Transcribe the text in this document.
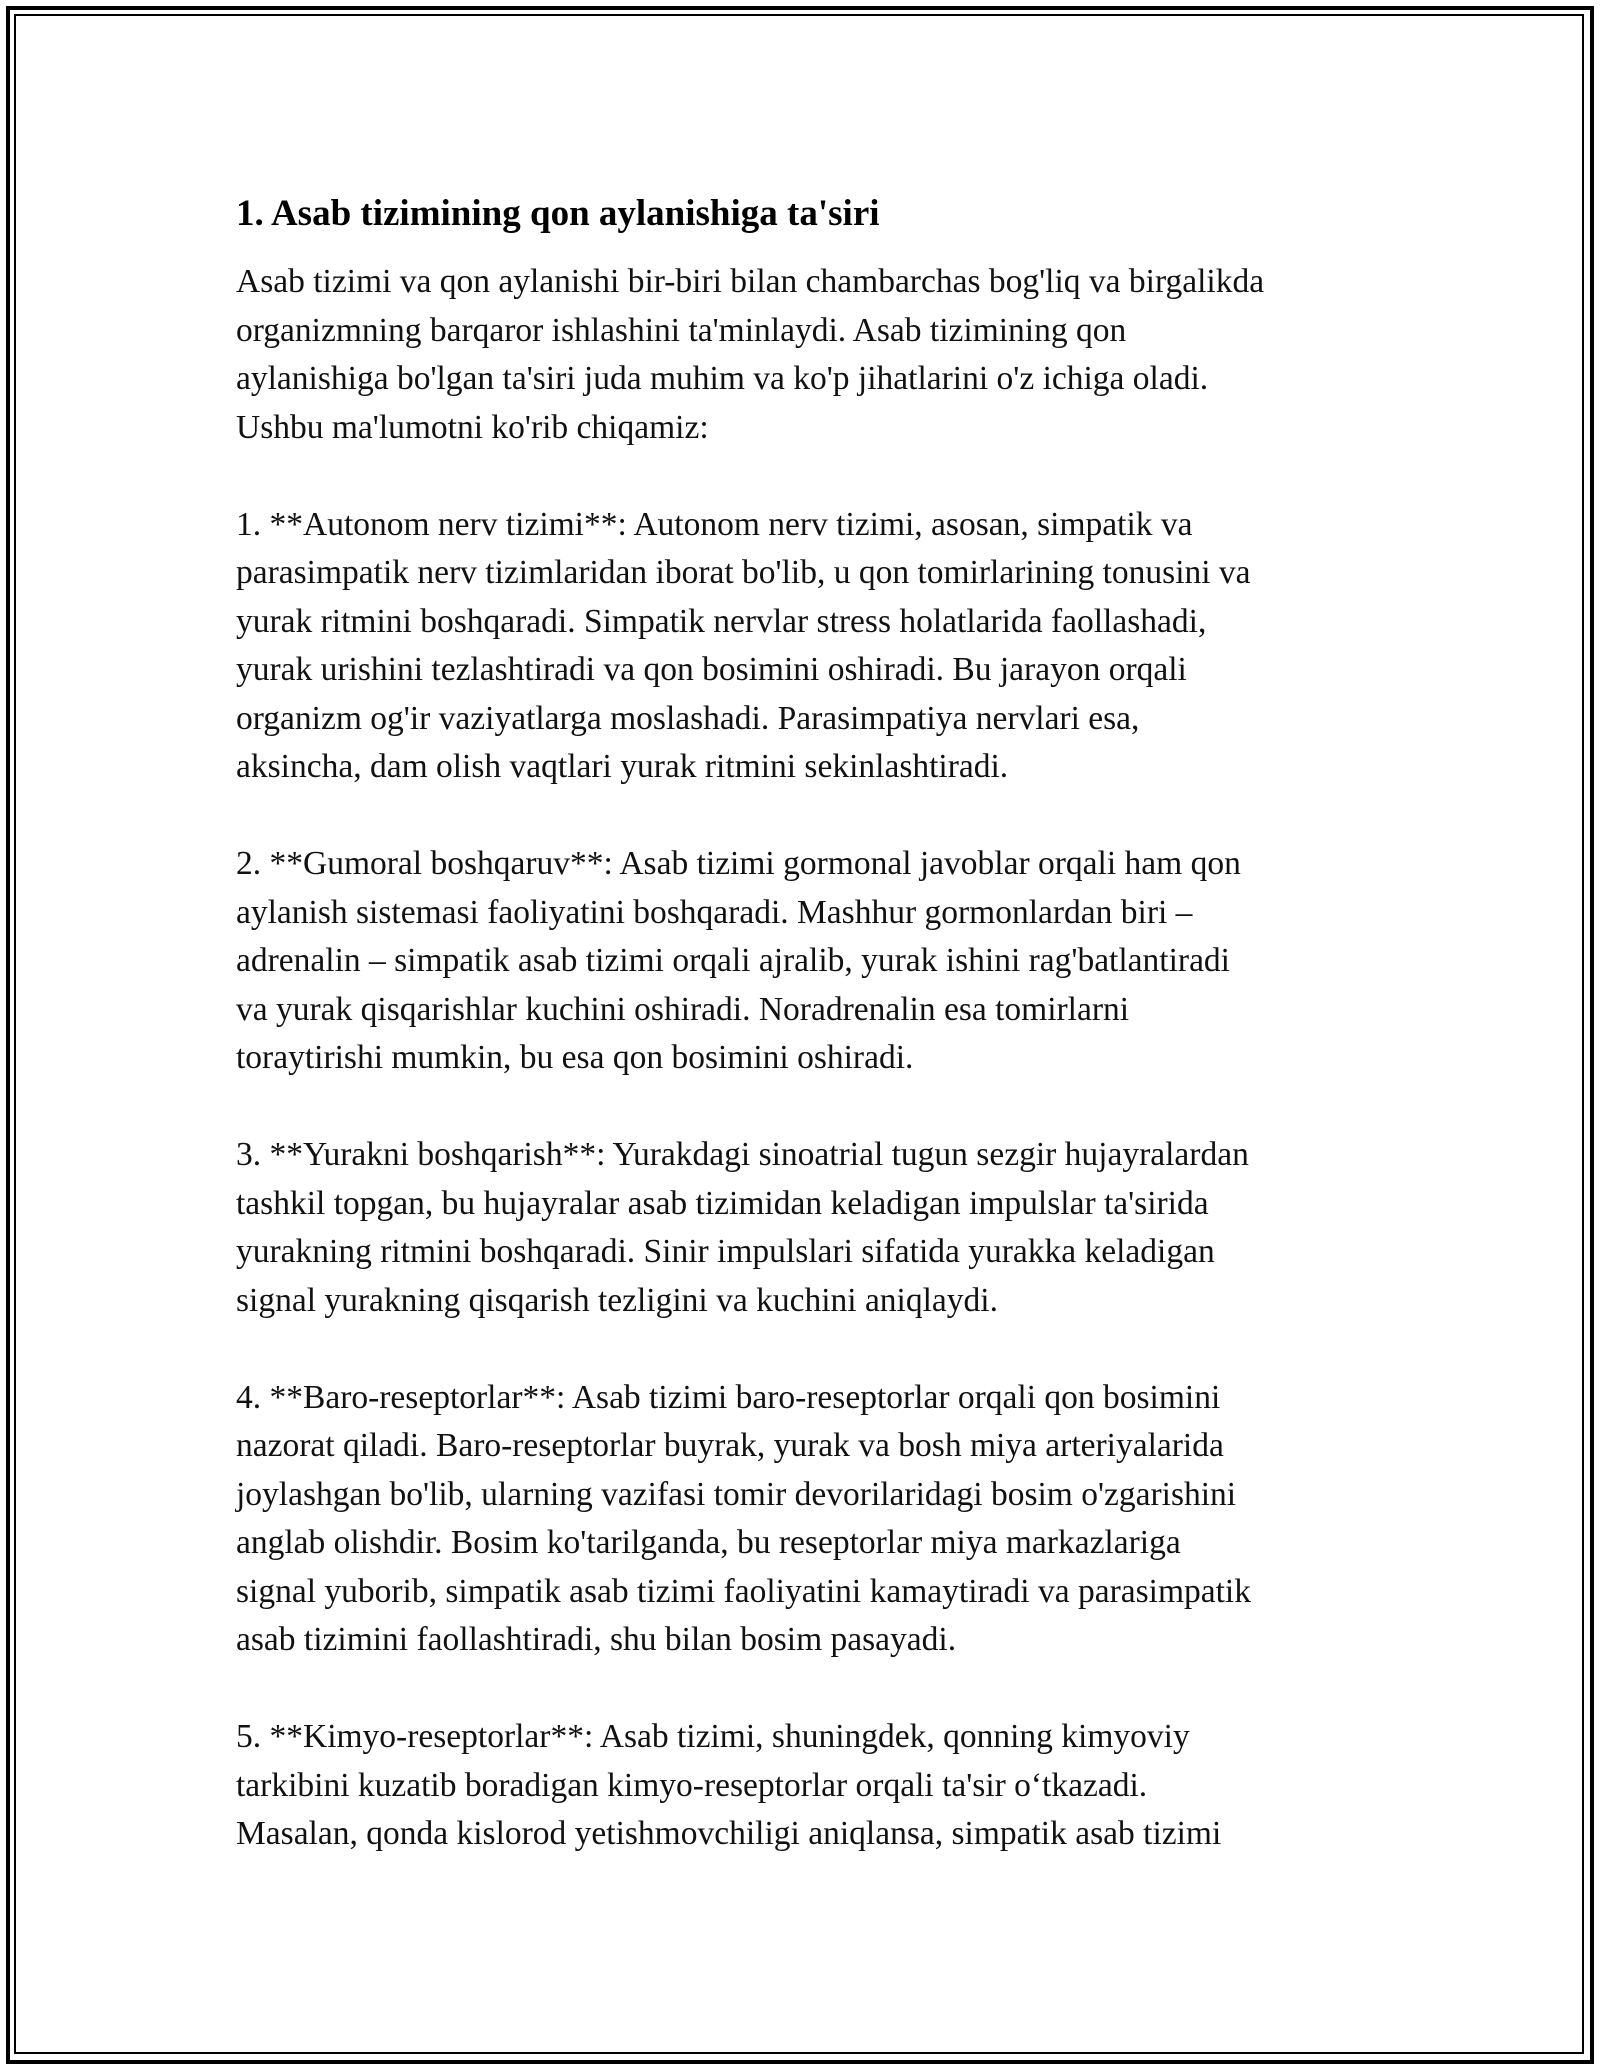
1. Asab tizimining qon aylanishiga ta'siri

Asab tizimi va qon aylanishi bir-biri bilan chambarchas bog'liq va birgalikda
organizmning barqaror ishlashini ta'minlaydi. Asab tizimining qon
aylanishiga bo'lgan ta'siri juda muhim va ko'p jihatlarini o'z ichiga oladi.
Ushbu ma'lumotni ko'rib chiqamiz:

1. **Autonom nerv tizimi**: Autonom nerv tizimi, asosan, simpatik va
parasimpatik nerv tizimlaridan iborat bo'lib, u qon tomirlarining tonusini va
yurak ritmini boshqaradi. Simpatik nervlar stress holatlarida faollashadi,
yurak urishini tezlashtiradi va qon bosimini oshiradi. Bu jarayon orqali
organizm og'ir vaziyatlarga moslashadi. Parasimpatiya nervlari esa,
aksincha, dam olish vaqtlari yurak ritmini sekinlashtiradi.

2. **Gumoral boshqaruv**: Asab tizimi gormonal javoblar orqali ham qon
aylanish sistemasi faoliyatini boshqaradi. Mashhur gormonlardan biri –
adrenalin – simpatik asab tizimi orqali ajralib, yurak ishini rag'batlantiradi
va yurak qisqarishlar kuchini oshiradi. Noradrenalin esa tomirlarni
toraytirishi mumkin, bu esa qon bosimini oshiradi.

3. **Yurakni boshqarish**: Yurakdagi sinoatrial tugun sezgir hujayralardan
tashkil topgan, bu hujayralar asab tizimidan keladigan impulslar ta'sirida
yurakning ritmini boshqaradi. Sinir impulslari sifatida yurakka keladigan
signal yurakning qisqarish tezligini va kuchini aniqlaydi.

4. **Baro-reseptorlar**: Asab tizimi baro-reseptorlar orqali qon bosimini
nazorat qiladi. Baro-reseptorlar buyrak, yurak va bosh miya arteriyalarida
joylashgan bo'lib, ularning vazifasi tomir devorilaridagi bosim o'zgarishini
anglab olishdir. Bosim ko'tarilganda, bu reseptorlar miya markazlariga
signal yuborib, simpatik asab tizimi faoliyatini kamaytiradi va parasimpatik
asab tizimini faollashtiradi, shu bilan bosim pasayadi.

5. **Kimyo-reseptorlar**: Asab tizimi, shuningdek, qonning kimyoviy
tarkibini kuzatib boradigan kimyo-reseptorlar orqali ta'sir oʻtkazadi.
Masalan, qonda kislorod yetishmovchiligi aniqlansa, simpatik asab tizimi
